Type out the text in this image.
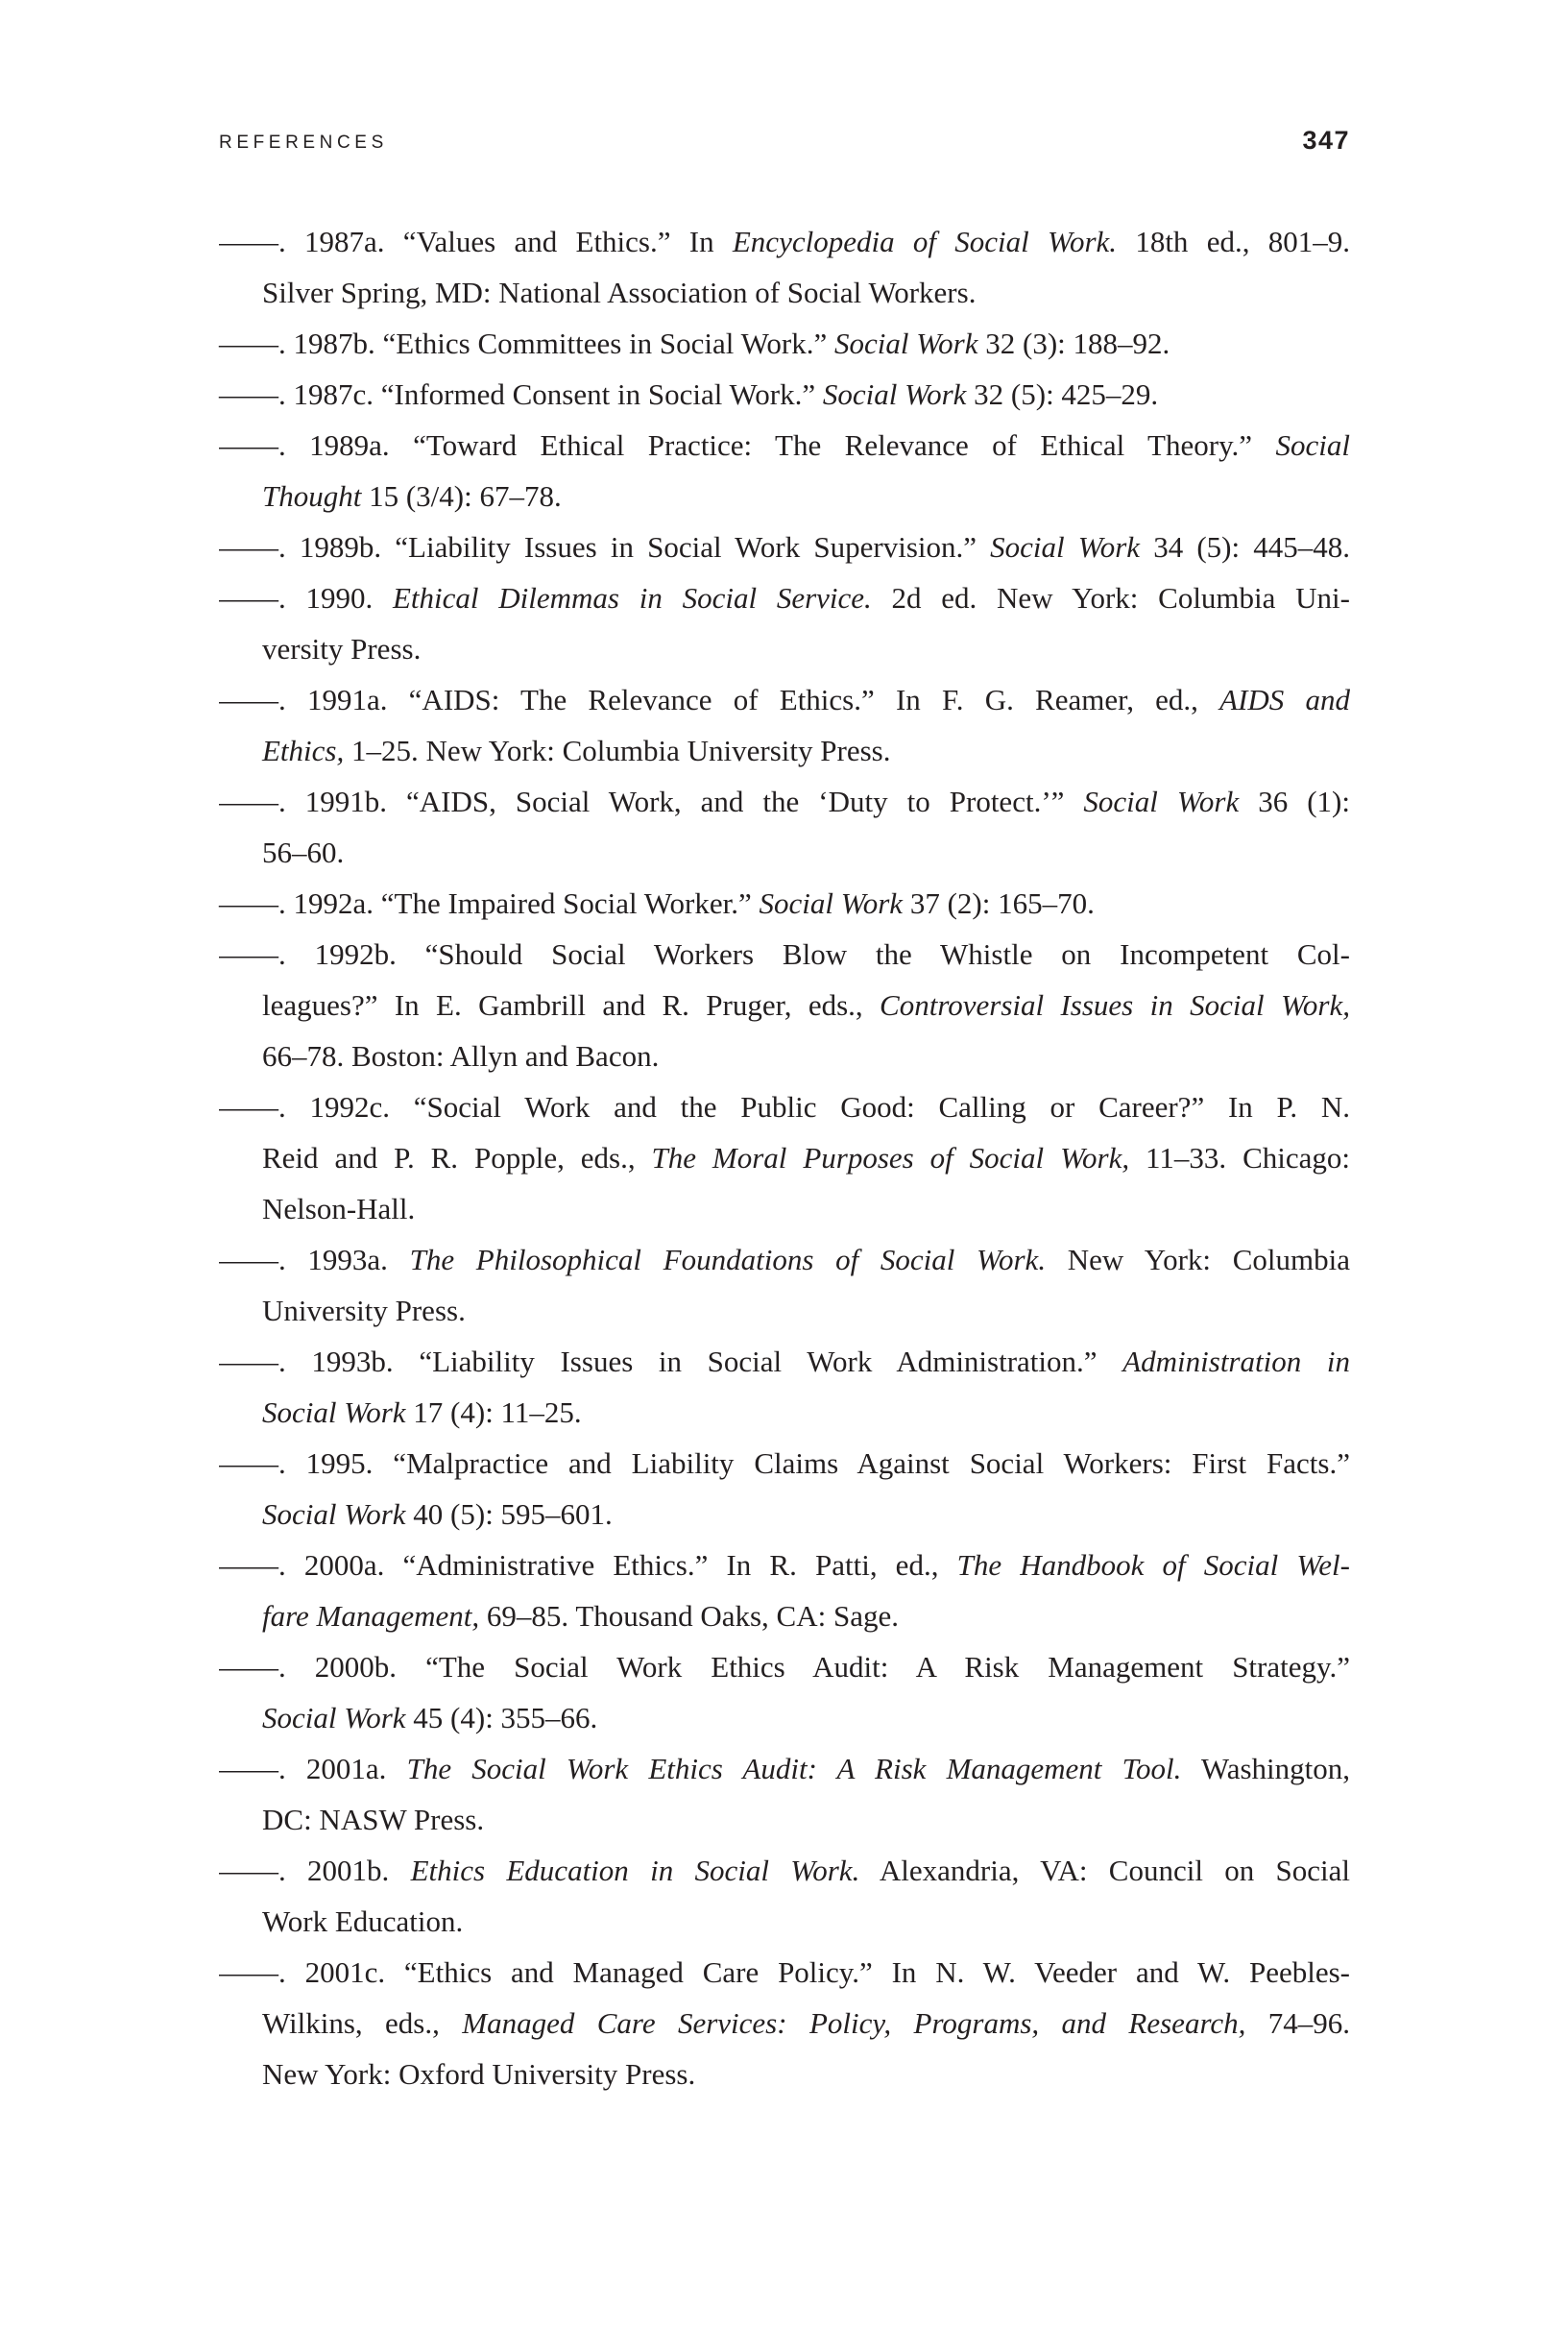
REFERENCES	347
——. 1987a. “Values and Ethics.” In Encyclopedia of Social Work. 18th ed., 801–9.
Silver Spring, MD: National Association of Social Workers.
——. 1987b. “Ethics Committees in Social Work.” Social Work 32 (3): 188–92.
——. 1987c. “Informed Consent in Social Work.” Social Work 32 (5): 425–29.
——. 1989a. “Toward Ethical Practice: The Relevance of Ethical Theory.” Social
Thought 15 (3/4): 67–78.
——. 1989b. “Liability Issues in Social Work Supervision.” Social Work 34 (5): 445–48.
——. 1990. Ethical Dilemmas in Social Service. 2d ed. New York: Columbia Uni-
versity Press.
——. 1991a. “AIDS: The Relevance of Ethics.” In F. G. Reamer, ed., AIDS and
Ethics, 1–25. New York: Columbia University Press.
——. 1991b. “AIDS, Social Work, and the ‘Duty to Protect.’” Social Work 36 (1):
56–60.
——. 1992a. “The Impaired Social Worker.” Social Work 37 (2): 165–70.
——. 1992b. “Should Social Workers Blow the Whistle on Incompetent Col-
leagues?” In E. Gambrill and R. Pruger, eds., Controversial Issues in Social Work,
66–78. Boston: Allyn and Bacon.
——. 1992c. “Social Work and the Public Good: Calling or Career?” In P. N.
Reid and P. R. Popple, eds., The Moral Purposes of Social Work, 11–33. Chicago:
Nelson-Hall.
——. 1993a. The Philosophical Foundations of Social Work. New York: Columbia
University Press.
——. 1993b. “Liability Issues in Social Work Administration.” Administration in
Social Work 17 (4): 11–25.
——. 1995. “Malpractice and Liability Claims Against Social Workers: First Facts.”
Social Work 40 (5): 595–601.
——. 2000a. “Administrative Ethics.” In R. Patti, ed., The Handbook of Social Wel-
fare Management, 69–85. Thousand Oaks, CA: Sage.
——. 2000b. “The Social Work Ethics Audit: A Risk Management Strategy.”
Social Work 45 (4): 355–66.
——. 2001a. The Social Work Ethics Audit: A Risk Management Tool. Washington,
DC: NASW Press.
——. 2001b. Ethics Education in Social Work. Alexandria, VA: Council on Social
Work Education.
——. 2001c. “Ethics and Managed Care Policy.” In N. W. Veeder and W. Peebles-
Wilkins, eds., Managed Care Services: Policy, Programs, and Research, 74–96.
New York: Oxford University Press.
